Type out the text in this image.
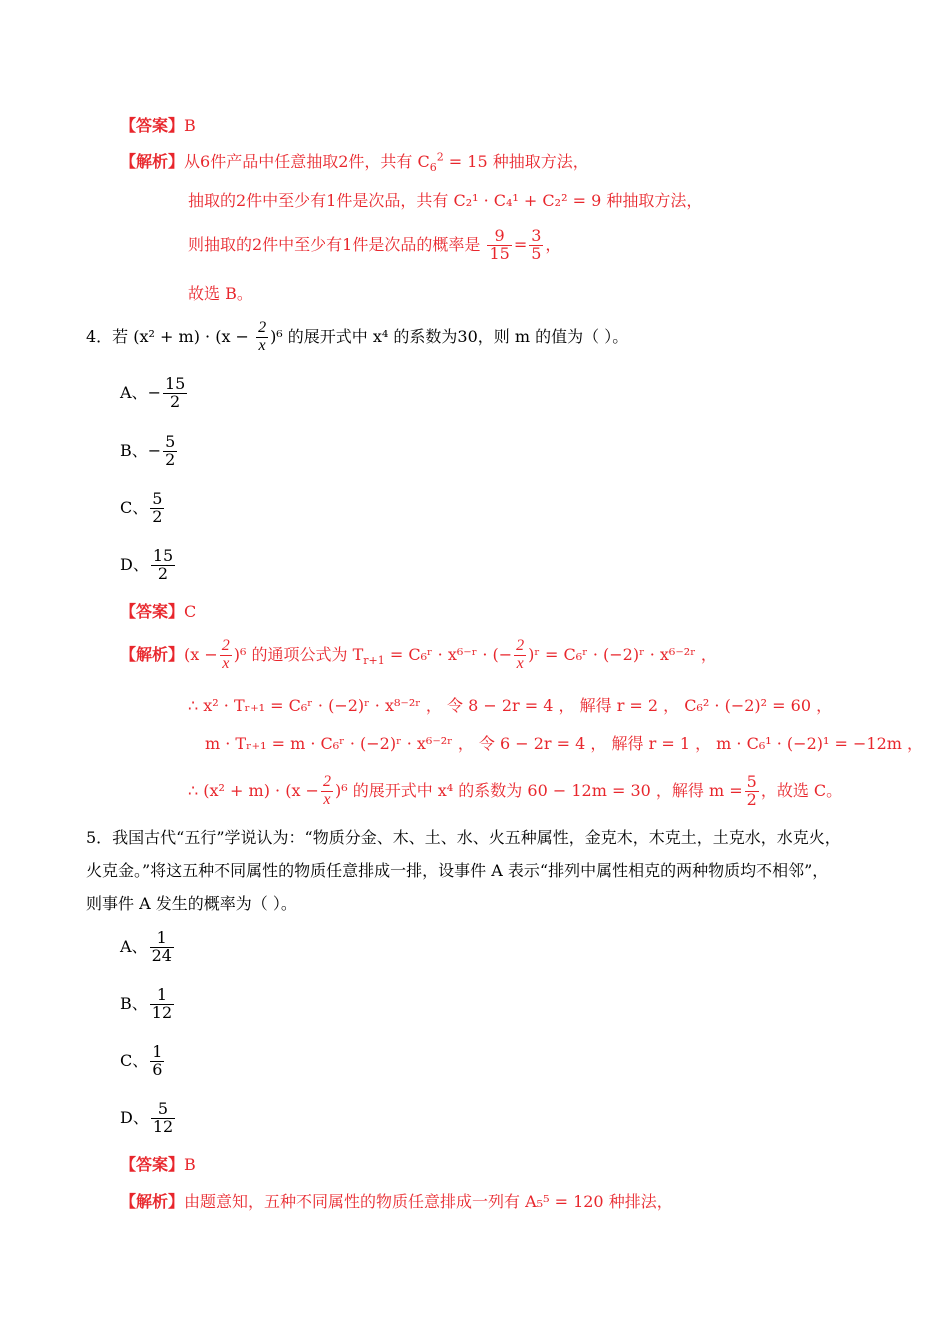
【答案】B
【解析】从6件产品中任意抽取2件，共有 $C_6^2 = 15$ 种抽取方法，
抽取的2件中至少有1件是次品，共有 C₂¹ · C₄¹ + C₂² = 9 种抽取方法，
则抽取的2件中至少有1件是次品的概率是 $\frac{9}{15} = \frac{3}{5}$ ，
故选 B。
4．若 $(x^2 + m) \cdot (x - \frac{2}{x} )^6$ 的展开式中 x⁴ 的系数为30，则 m 的值为（ ）。
A、− $\frac{15}{2}$
B、− $\frac{5}{2}$
C、 $\frac{5}{2}$
D、 $\frac{15}{2}$
【答案】C
【解析】$(x - \frac{2}{x} )^6$ 的通项公式为 $T_{r+1}$ = C₆ʳ · x⁶⁻ʳ · (− $\frac{2}{x}$ )ʳ = C₆ʳ · (−2)ʳ · x⁶⁻²ʳ ，
∴ x² · Tᵣ₊₁ = C₆ʳ · (−2)ʳ · x⁸⁻²ʳ ， 令 8 − 2r = 4 ， 解得 r = 2 ， C₆² · (−2)² = 60 ，
m · Tᵣ₊₁ = m · C₆ʳ · (−2)ʳ · x⁶⁻²ʳ ， 令 6 − 2r = 4 ， 解得 r = 1 ， m · C₆¹ · (−2)¹ = −12m ，
∴ $(x^2 + m) \cdot (x - \frac{2}{x} )^6$ 的展开式中 x⁴ 的系数为 60 − 12m = 30 ，解得 $m = \frac{5}{2}$ ，故选 C。
5．我国古代“五行”学说认为：“物质分金、木、土、水、火五种属性，金克木，木克土，土克水，水克火，
火克金。”将这五种不同属性的物质任意排成一排，设事件 A 表示“排列中属性相克的两种物质均不相邻”，
则事件 A 发生的概率为（ ）。
A、 $\frac{1}{24}$
B、 $\frac{1}{12}$
C、 $\frac{1}{6}$
D、 $\frac{5}{12}$
【答案】B
【解析】由题意知，五种不同属性的物质任意排成一列有 A₅⁵ = 120 种排法，
